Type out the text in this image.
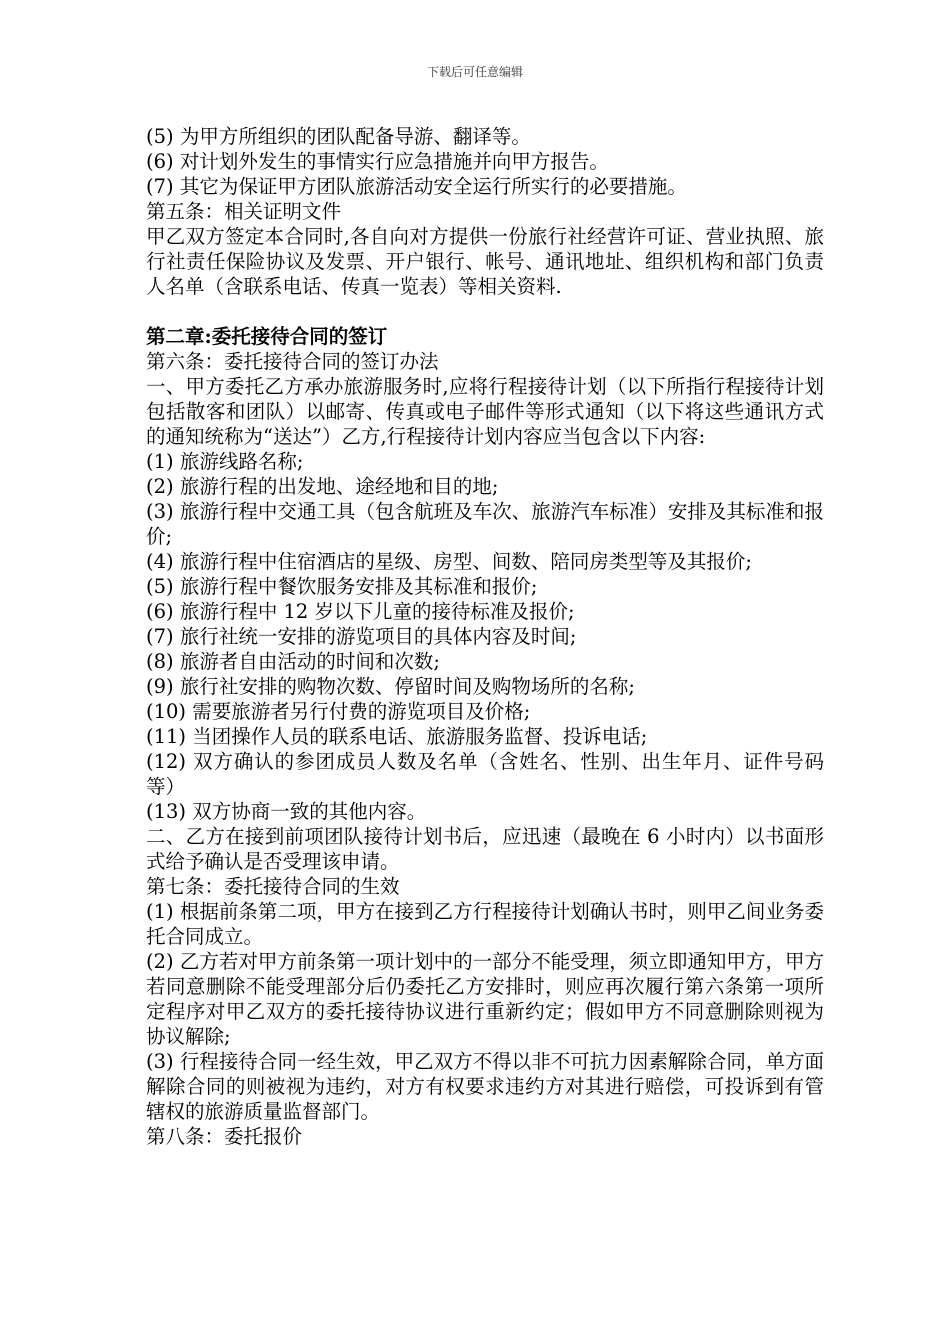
下载后可任意编辑

(5) 为甲方所组织的团队配备导游、翻译等。

(6) 对计划外发生的事情实行应急措施并向甲方报告。

(7) 其它为保证甲方团队旅游活动安全运行所实行的必要措施。

第五条：相关证明文件

甲乙双方签定本合同时,各自向对方提供一份旅行社经营许可证、营业执照、旅行社责任保险协议及发票、开户银行、帐号、通讯地址、组织机构和部门负责人名单（含联系电话、传真一览表）等相关资料.

第二章:委托接待合同的签订

第六条：委托接待合同的签订办法

一、甲方委托乙方承办旅游服务时,应将行程接待计划（以下所指行程接待计划包括散客和团队）以邮寄、传真或电子邮件等形式通知（以下将这些通讯方式的通知统称为“送达”）乙方,行程接待计划内容应当包含以下内容:

(1) 旅游线路名称;

(2) 旅游行程的出发地、途经地和目的地;

(3) 旅游行程中交通工具（包含航班及车次、旅游汽车标准）安排及其标准和报价;

(4) 旅游行程中住宿酒店的星级、房型、间数、陪同房类型等及其报价;

(5) 旅游行程中餐饮服务安排及其标准和报价;

(6) 旅游行程中 12 岁以下儿童的接待标准及报价;

(7) 旅行社统一安排的游览项目的具体内容及时间;

(8) 旅游者自由活动的时间和次数;

(9) 旅行社安排的购物次数、停留时间及购物场所的名称;

(10) 需要旅游者另行付费的游览项目及价格;

(11) 当团操作人员的联系电话、旅游服务监督、投诉电话;

(12) 双方确认的参团成员人数及名单（含姓名、性别、出生年月、证件号码等）

(13) 双方协商一致的其他内容。

二、乙方在接到前项团队接待计划书后，应迅速（最晚在 6 小时内）以书面形式给予确认是否受理该申请。

第七条：委托接待合同的生效

(1) 根据前条第二项，甲方在接到乙方行程接待计划确认书时，则甲乙间业务委托合同成立。

(2) 乙方若对甲方前条第一项计划中的一部分不能受理，须立即通知甲方，甲方若同意删除不能受理部分后仍委托乙方安排时，则应再次履行第六条第一项所定程序对甲乙双方的委托接待协议进行重新约定；假如甲方不同意删除则视为协议解除;

(3) 行程接待合同一经生效，甲乙双方不得以非不可抗力因素解除合同，单方面解除合同的则被视为违约，对方有权要求违约方对其进行赔偿，可投诉到有管辖权的旅游质量监督部门。

第八条：委托报价
